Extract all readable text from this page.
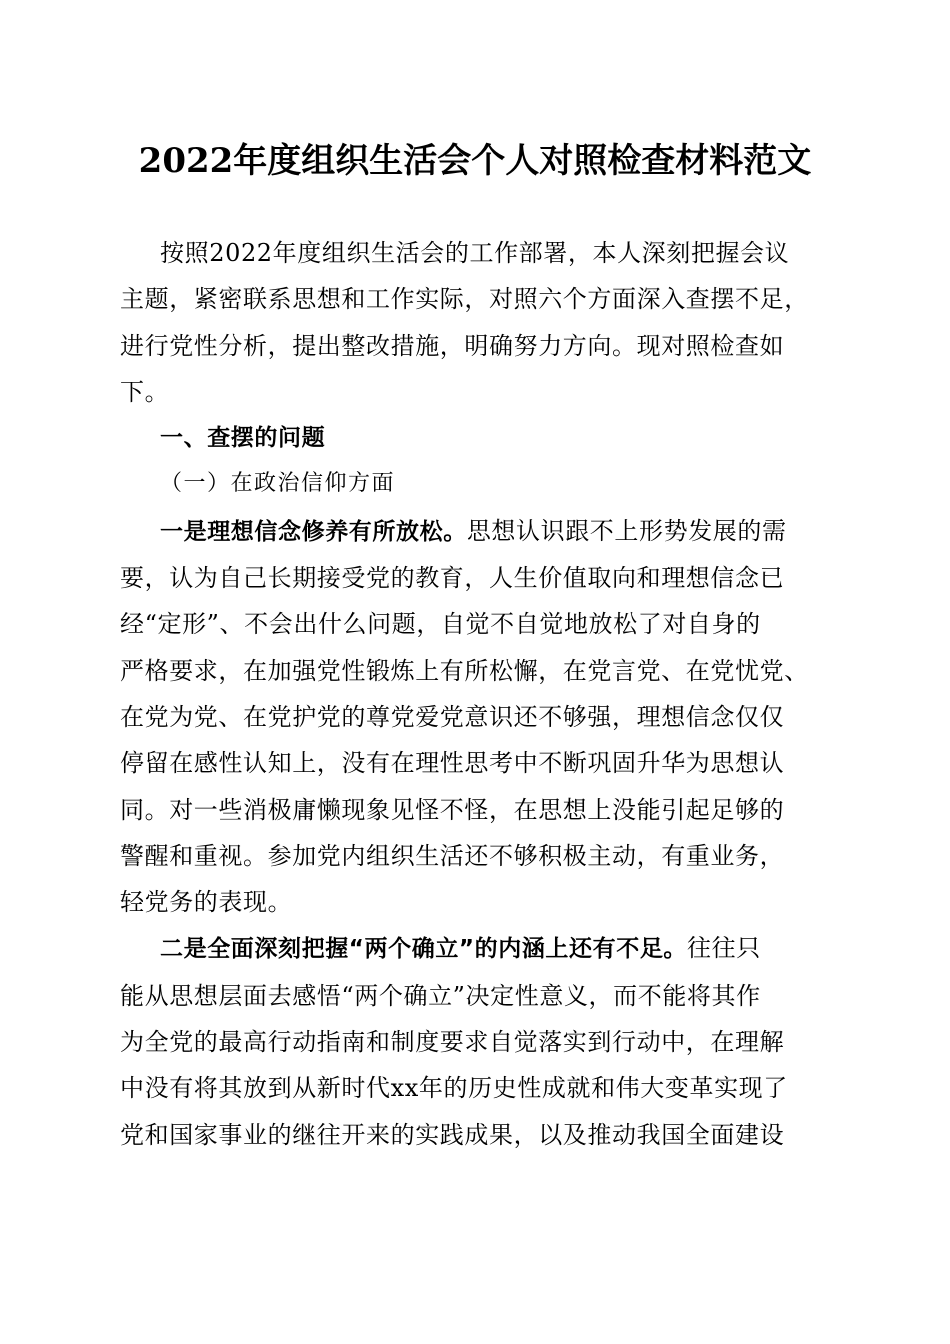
2022年度组织生活会个人对照检查材料范文
按照2022年度组织生活会的工作部署，本人深刻把握会议
主题，紧密联系思想和工作实际，对照六个方面深入查摆不足，
进行党性分析，提出整改措施，明确努力方向。现对照检查如
下。
一、查摆的问题
（一）在政治信仰方面
一是理想信念修养有所放松。思想认识跟不上形势发展的需
要，认为自己长期接受党的教育，人生价值取向和理想信念已
经“定形”、不会出什么问题，自觉不自觉地放松了对自身的
严格要求，在加强党性锻炼上有所松懈，在党言党、在党忧党、
在党为党、在党护党的尊党爱党意识还不够强，理想信念仅仅
停留在感性认知上，没有在理性思考中不断巩固升华为思想认
同。对一些消极庸懒现象见怪不怪，在思想上没能引起足够的
警醒和重视。参加党内组织生活还不够积极主动，有重业务，
轻党务的表现。
二是全面深刻把握“两个确立”的内涵上还有不足。往往只
能从思想层面去感悟“两个确立”决定性意义，而不能将其作
为全党的最高行动指南和制度要求自觉落实到行动中，在理解
中没有将其放到从新时代xx年的历史性成就和伟大变革实现了
党和国家事业的继往开来的实践成果，以及推动我国全面建设
